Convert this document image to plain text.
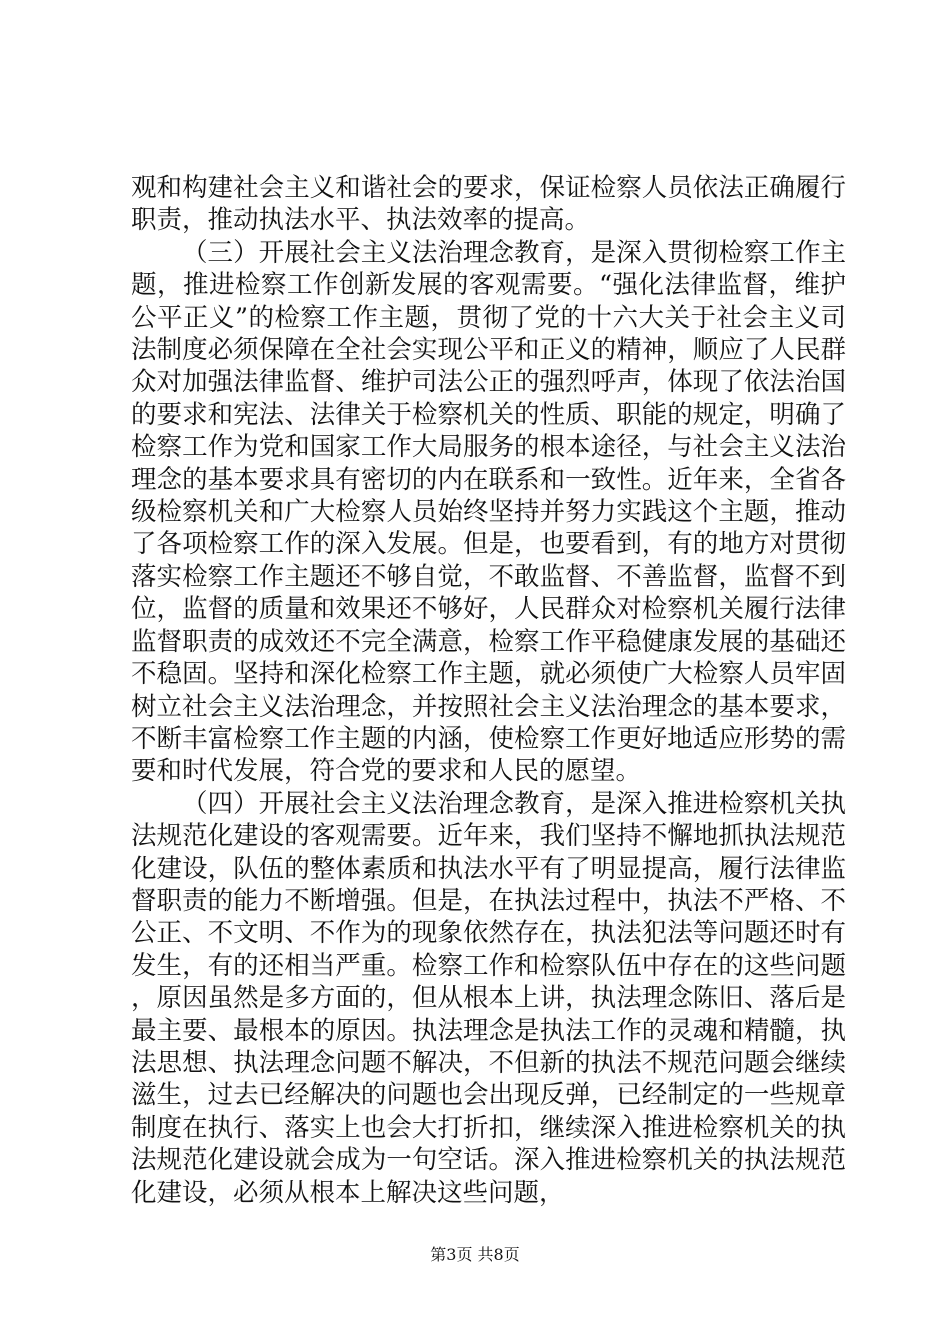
观和构建社会主义和谐社会的要求，保证检察人员依法正确履行职责，推动执法水平、执法效率的提高。

（三）开展社会主义法治理念教育，是深入贯彻检察工作主题，推进检察工作创新发展的客观需要。“强化法律监督，维护公平正义”的检察工作主题，贯彻了党的十六大关于社会主义司法制度必须保障在全社会实现公平和正义的精神，顺应了人民群众对加强法律监督、维护司法公正的强烈呼声，体现了依法治国的要求和宪法、法律关于检察机关的性质、职能的规定，明确了检察工作为党和国家工作大局服务的根本途径，与社会主义法治理念的基本要求具有密切的内在联系和一致性。近年来，全省各级检察机关和广大检察人员始终坚持并努力实践这个主题，推动了各项检察工作的深入发展。但是，也要看到，有的地方对贯彻落实检察工作主题还不够自觉，不敢监督、不善监督，监督不到位，监督的质量和效果还不够好，人民群众对检察机关履行法律监督职责的成效还不完全满意，检察工作平稳健康发展的基础还不稳固。坚持和深化检察工作主题，就必须使广大检察人员牢固树立社会主义法治理念，并按照社会主义法治理念的基本要求，不断丰富检察工作主题的内涵，使检察工作更好地适应形势的需要和时代发展，符合党的要求和人民的愿望。

（四）开展社会主义法治理念教育，是深入推进检察机关执法规范化建设的客观需要。近年来，我们坚持不懈地抓执法规范化建设，队伍的整体素质和执法水平有了明显提高，履行法律监督职责的能力不断增强。但是，在执法过程中，执法不严格、不公正、不文明、不作为的现象依然存在，执法犯法等问题还时有发生，有的还相当严重。检察工作和检察队伍中存在的这些问题，原因虽然是多方面的，但从根本上讲，执法理念陈旧、落后是最主要、最根本的原因。执法理念是执法工作的灵魂和精髓，执法思想、执法理念问题不解决，不但新的执法不规范问题会继续滋生，过去已经解决的问题也会出现反弹，已经制定的一些规章制度在执行、落实上也会大打折扣，继续深入推进检察机关的执法规范化建设就会成为一句空话。深入推进检察机关的执法规范化建设，必须从根本上解决这些问题，

第3页 共8页
